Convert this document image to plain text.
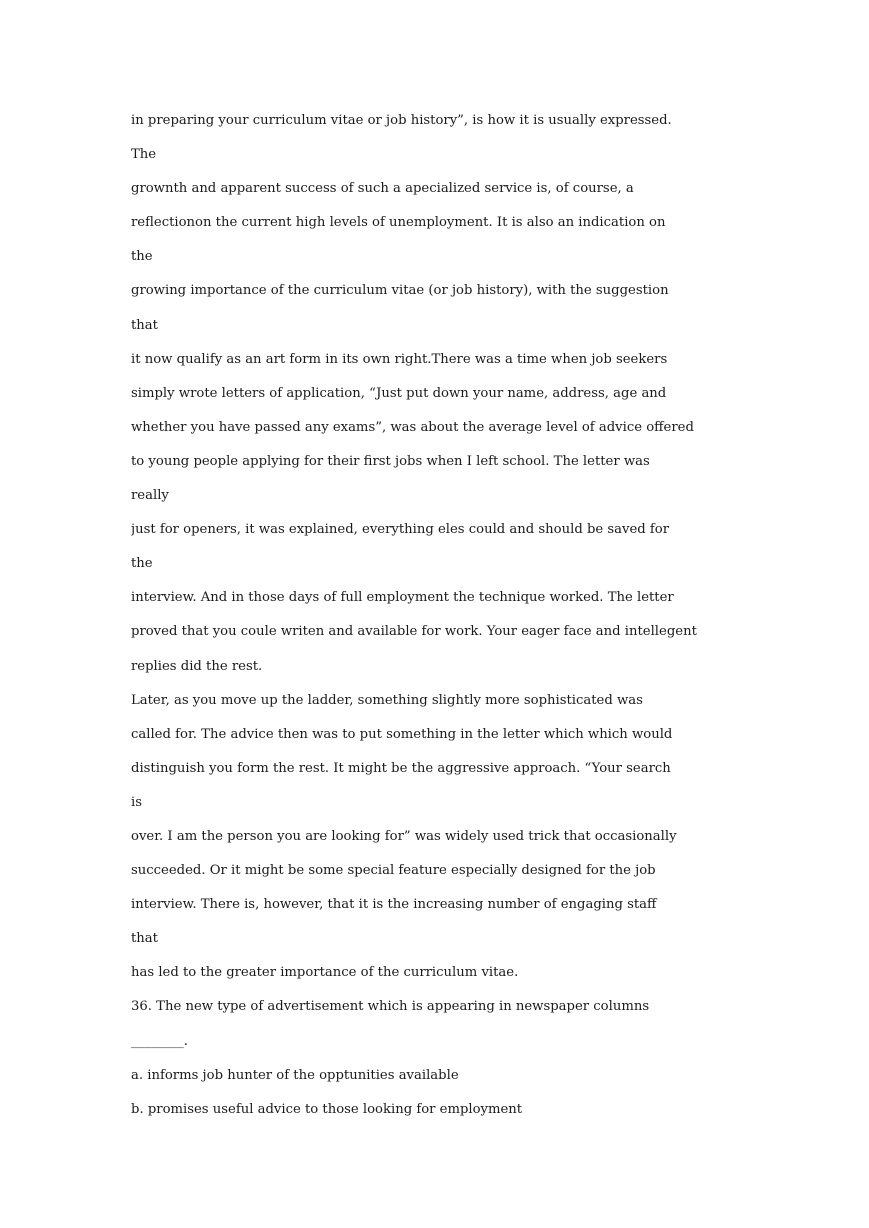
in preparing your curriculum vitae or job history”, is how it is usually expressed.
The
grownth and apparent success of such a apecialized service is, of course, a
reflectionon the current high levels of unemployment. It is also an indication on
the
growing importance of the curriculum vitae (or job history), with the suggestion
that
it now qualify as an art form in its own right.There was a time when job seekers
simply wrote letters of application, “Just put down your name, address, age and
whether you have passed any exams”, was about the average level of advice offered
to young people applying for their first jobs when I left school. The letter was
really
just for openers, it was explained, everything eles could and should be saved for
the
interview. And in those days of full employment the technique worked. The letter
proved that you coule writen and available for work. Your eager face and intellegent
replies did the rest.
Later, as you move up the ladder, something slightly more sophisticated was
called for. The advice then was to put something in the letter which which would
distinguish you form the rest. It might be the aggressive approach. “Your search
is
over. I am the person you are looking for” was widely used trick that occasionally
succeeded. Or it might be some special feature especially designed for the job
interview. There is, however, that it is the increasing number of engaging staff
that
has led to the greater importance of the curriculum vitae.
36. The new type of advertisement which is appearing in newspaper columns
________.
a. informs job hunter of the opptunities available
b. promises useful advice to those looking for employment
